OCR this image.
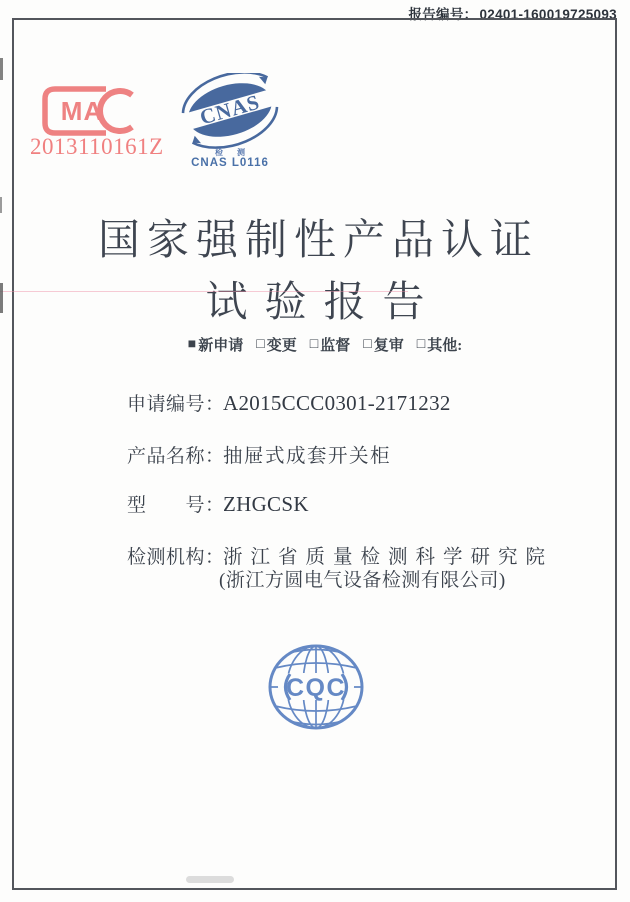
报告编号： 02401-160019725093
MA
2013110161Z
CNAS
检 测
CNAS L0116
国家强制性产品认证
试验报告
■ 新申请 □ 变更 □ 监督 □ 复审 □ 其他:
申请编号：A2015CCC0301-2171232
产品名称：抽屉式成套开关柜
型　　号：ZHGCSK
检测机构：浙江省质量检测科学研究院
(浙江方圆电气设备检测有限公司)
CQC
